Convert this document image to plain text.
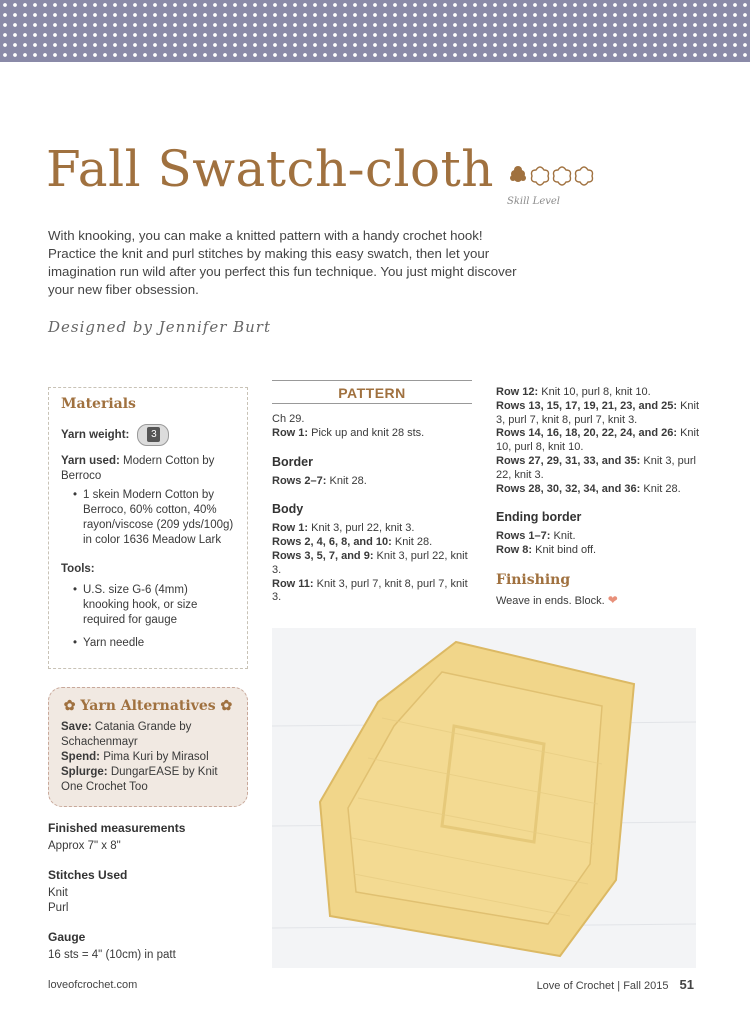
Fall Swatch-cloth
Skill Level

With knooking, you can make a knitted pattern with a handy crochet hook! Practice the knit and purl stitches by making this easy swatch, then let your imagination run wild after you perfect this fun technique. You just might discover your new fiber obsession.

Designed by Jennifer Burt
Materials
Yarn weight:	3
Yarn used: Modern Cotton by Berroco
• 1 skein Modern Cotton by Berroco, 60% cotton, 40% rayon/viscose (209 yds/100g) in color 1636 Meadow Lark
Tools:
• U.S. size G-6 (4mm) knooking hook, or size required for gauge
• Yarn needle
✿ Yarn Alternatives ✿
Save: Catania Grande by Schachenmayr
Spend: Pima Kuri by Mirasol
Splurge: DungarEASE by Knit One Crochet Too

Finished measurements

Approx 7" x 8"

Stitches Used

Knit
Purl

Gauge

16 sts = 4" (10cm) in patt
PATTERN

Ch 29.

Row 1: Pick up and knit 28 sts.

Border

Rows 2–7: Knit 28.

Body

Row 1: Knit 3, purl 22, knit 3.

Rows 2, 4, 6, 8, and 10: Knit 28.

Rows 3, 5, 7, and 9: Knit 3, purl 22, knit 3.

Row 11: Knit 3, purl 7, knit 8, purl 7, knit 3.

Row 12: Knit 10, purl 8, knit 10.

Rows 13, 15, 17, 19, 21, 23, and 25: Knit 3, purl 7, knit 8, purl 7, knit 3.

Rows 14, 16, 18, 20, 22, 24, and 26: Knit 10, purl 8, knit 10.

Rows 27, 29, 31, 33, and 35: Knit 3, purl 22, knit 3.

Rows 28, 30, 32, 34, and 36: Knit 28.

Ending border

Rows 1–7: Knit.

Row 8: Knit bind off.

Finishing

Weave in ends. Block. ❤

loveofcrochet.com	Love of Crochet | Fall 2015 51
